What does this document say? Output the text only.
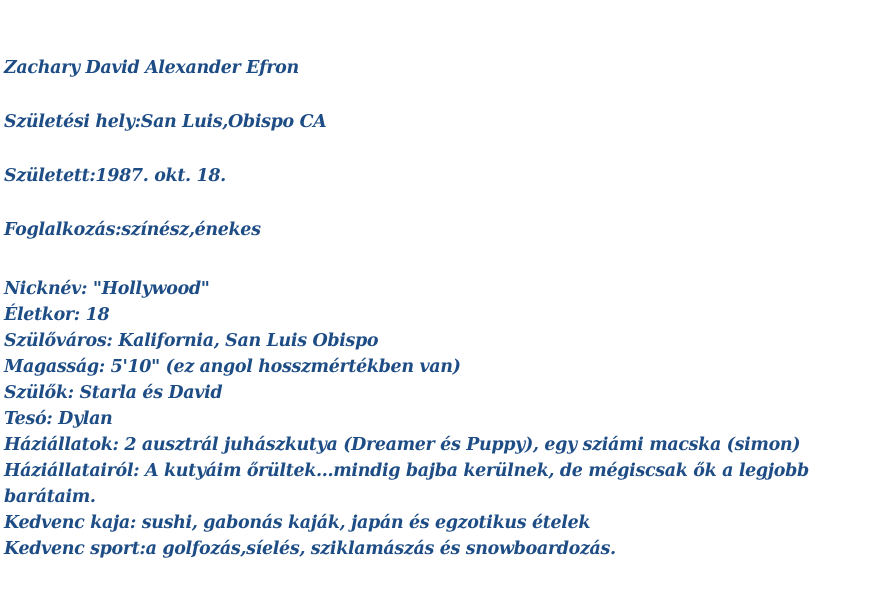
Zachary David Alexander Efron
Születési hely:San Luis,Obispo CA
Született:1987. okt. 18.
Foglalkozás:színész,énekes
Nicknév: "Hollywood"
Életkor: 18
Szülőváros: Kalifornia, San Luis Obispo
Magasság: 5'10" (ez angol hosszmértékben van)
Szülők: Starla és David
Tesó: Dylan
Háziállatok: 2 ausztrál juhászkutya (Dreamer és Puppy), egy sziámi macska (simon)
Háziállatairól: A kutyáim őrültek...mindig bajba kerülnek, de mégiscsak ők a legjobb barátaim.
Kedvenc kaja: sushi, gabonás kaják, japán és egzotikus ételek
Kedvenc sport:a golfozás,síelés, sziklamászás és snowboardozás.
